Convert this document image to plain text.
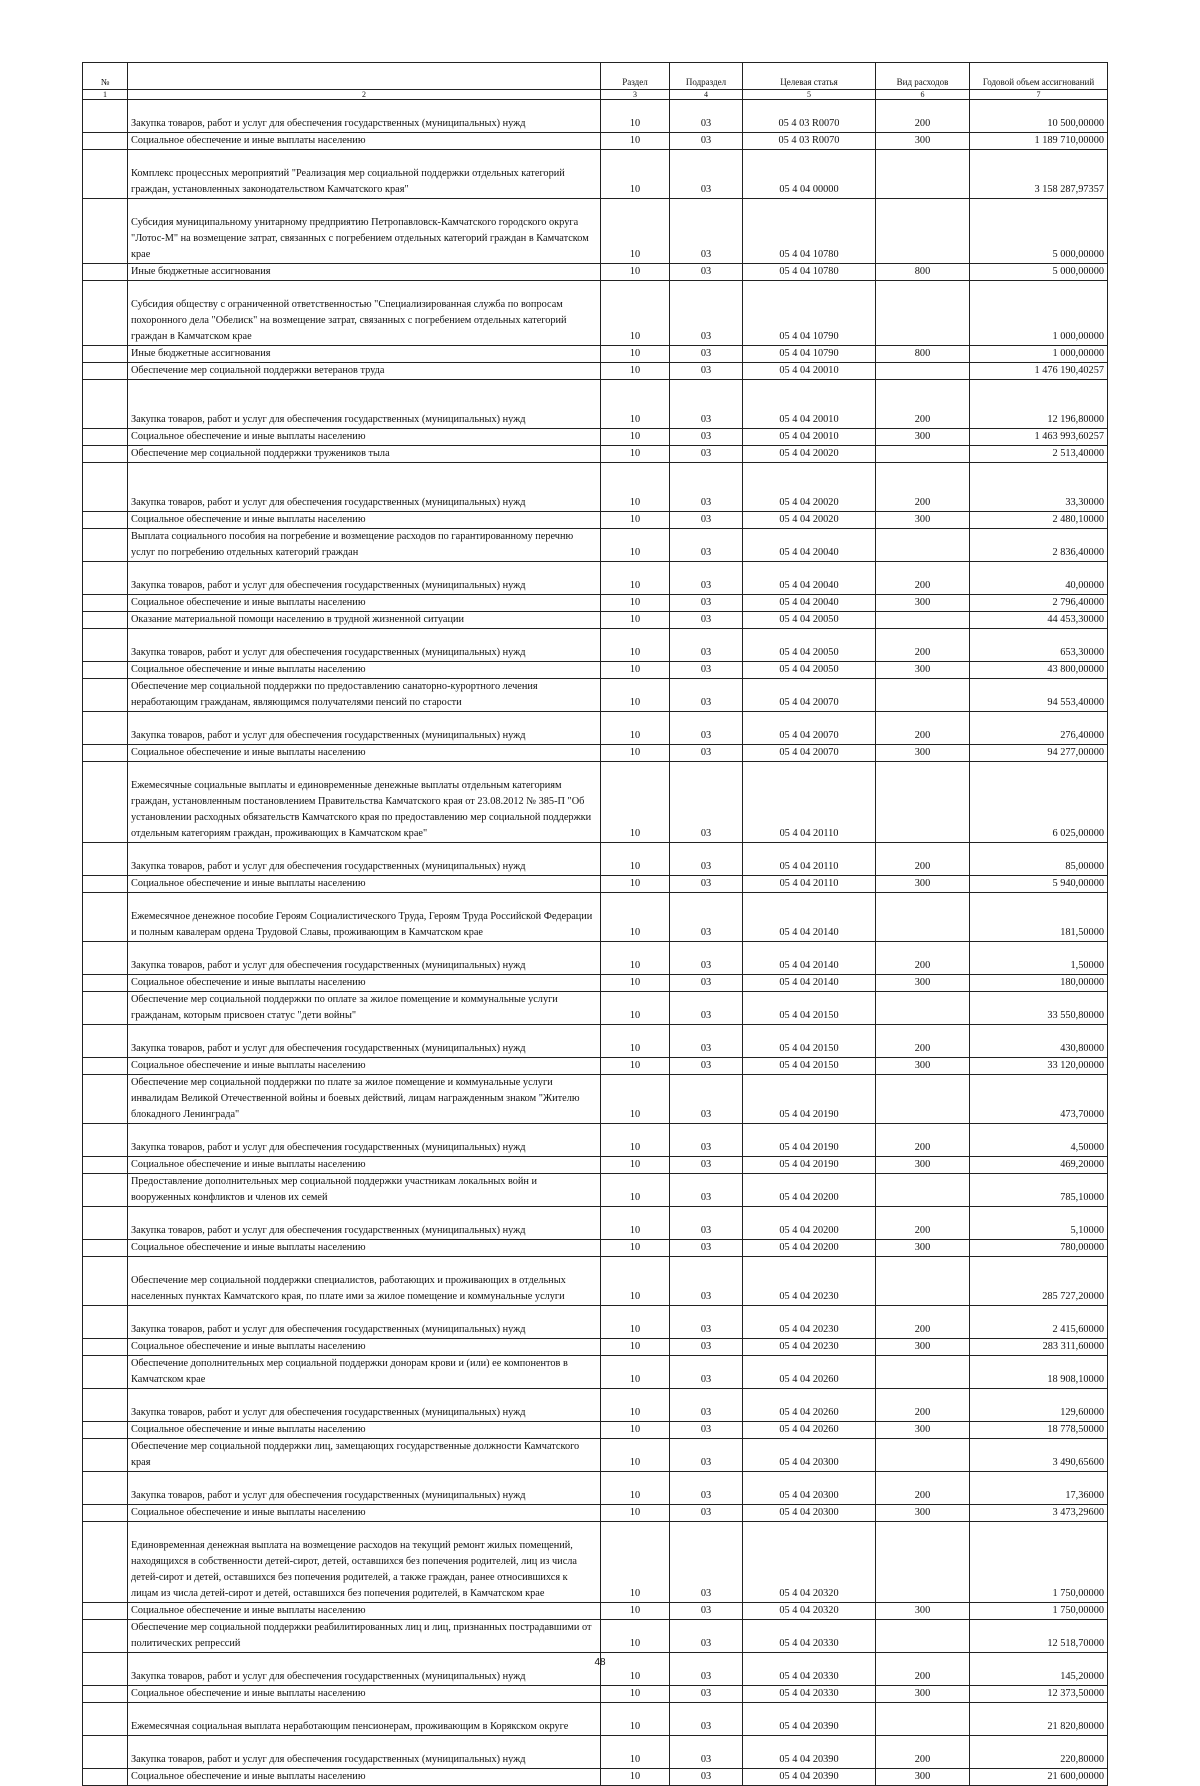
№		Раздел	Подраздел	Целевая статья	Вид расходов	Годовой объем ассигнований
1	2	3	4	5	6	7
	Закупка товаров, работ и услуг для обеспечения государственных (муниципальных) нужд	10	03	05 4 03 R0070	200	10 500,00000
	Социальное обеспечение и иные выплаты населению	10	03	05 4 03 R0070	300	1 189 710,00000
	Комплекс процессных мероприятий "Реализация мер социальной поддержки отдельных категорий граждан, установленных законодательством Камчатского края"	10	03	05 4 04 00000		3 158 287,97357
	Субсидия муниципальному унитарному предприятию Петропавловск-Камчатского городского округа "Лотос-М" на возмещение затрат, связанных с погребением отдельных категорий граждан в Камчатском крае	10	03	05 4 04 10780		5 000,00000
	Иные бюджетные ассигнования	10	03	05 4 04 10780	800	5 000,00000
	Субсидия обществу с ограниченной ответственностью "Специализированная служба по вопросам похоронного дела "Обелиск" на возмещение затрат, связанных с погребением отдельных категорий граждан в Камчатском крае	10	03	05 4 04 10790		1 000,00000
	Иные бюджетные ассигнования	10	03	05 4 04 10790	800	1 000,00000
	Обеспечение мер социальной поддержки ветеранов труда	10	03	05 4 04 20010		1 476 190,40257
	Закупка товаров, работ и услуг для обеспечения государственных (муниципальных) нужд	10	03	05 4 04 20010	200	12 196,80000
	Социальное обеспечение и иные выплаты населению	10	03	05 4 04 20010	300	1 463 993,60257
	Обеспечение мер социальной поддержки тружеников тыла	10	03	05 4 04 20020		2 513,40000
	Закупка товаров, работ и услуг для обеспечения государственных (муниципальных) нужд	10	03	05 4 04 20020	200	33,30000
	Социальное обеспечение и иные выплаты населению	10	03	05 4 04 20020	300	2 480,10000
	Выплата социального пособия на погребение и возмещение расходов по гарантированному перечню услуг по погребению отдельных категорий граждан	10	03	05 4 04 20040		2 836,40000
	Закупка товаров, работ и услуг для обеспечения государственных (муниципальных) нужд	10	03	05 4 04 20040	200	40,00000
	Социальное обеспечение и иные выплаты населению	10	03	05 4 04 20040	300	2 796,40000
	Оказание материальной помощи населению в трудной жизненной ситуации	10	03	05 4 04 20050		44 453,30000
	Закупка товаров, работ и услуг для обеспечения государственных (муниципальных) нужд	10	03	05 4 04 20050	200	653,30000
	Социальное обеспечение и иные выплаты населению	10	03	05 4 04 20050	300	43 800,00000
	Обеспечение мер социальной поддержки по предоставлению санаторно-курортного лечения неработающим гражданам, являющимся получателями пенсий по старости	10	03	05 4 04 20070		94 553,40000
	Закупка товаров, работ и услуг для обеспечения государственных (муниципальных) нужд	10	03	05 4 04 20070	200	276,40000
	Социальное обеспечение и иные выплаты населению	10	03	05 4 04 20070	300	94 277,00000
	Ежемесячные социальные выплаты и единовременные денежные выплаты отдельным категориям граждан, установленным постановлением Правительства Камчатского края от 23.08.2012 № 385-П "Об установлении расходных обязательств Камчатского края по предоставлению мер социальной поддержки отдельным категориям граждан, проживающих в Камчатском крае"	10	03	05 4 04 20110		6 025,00000
	Закупка товаров, работ и услуг для обеспечения государственных (муниципальных) нужд	10	03	05 4 04 20110	200	85,00000
	Социальное обеспечение и иные выплаты населению	10	03	05 4 04 20110	300	5 940,00000
	Ежемесячное денежное пособие Героям Социалистического Труда, Героям Труда Российской Федерации и полным кавалерам ордена Трудовой Славы, проживающим в Камчатском крае	10	03	05 4 04 20140		181,50000
	Закупка товаров, работ и услуг для обеспечения государственных (муниципальных) нужд	10	03	05 4 04 20140	200	1,50000
	Социальное обеспечение и иные выплаты населению	10	03	05 4 04 20140	300	180,00000
	Обеспечение мер социальной поддержки по оплате за жилое помещение и коммунальные услуги гражданам, которым присвоен статус "дети войны"	10	03	05 4 04 20150		33 550,80000
	Закупка товаров, работ и услуг для обеспечения государственных (муниципальных) нужд	10	03	05 4 04 20150	200	430,80000
	Социальное обеспечение и иные выплаты населению	10	03	05 4 04 20150	300	33 120,00000
	Обеспечение мер социальной поддержки по плате за жилое помещение и коммунальные услуги инвалидам Великой Отечественной войны и боевых действий, лицам награжденным знаком "Жителю блокадного Ленинграда"	10	03	05 4 04 20190		473,70000
	Закупка товаров, работ и услуг для обеспечения государственных (муниципальных) нужд	10	03	05 4 04 20190	200	4,50000
	Социальное обеспечение и иные выплаты населению	10	03	05 4 04 20190	300	469,20000
	Предоставление дополнительных мер социальной поддержки участникам локальных войн и вооруженных конфликтов и членов их семей	10	03	05 4 04 20200		785,10000
	Закупка товаров, работ и услуг для обеспечения государственных (муниципальных) нужд	10	03	05 4 04 20200	200	5,10000
	Социальное обеспечение и иные выплаты населению	10	03	05 4 04 20200	300	780,00000
	Обеспечение мер социальной поддержки специалистов, работающих и проживающих в отдельных населенных пунктах Камчатского края, по плате ими за жилое помещение и коммунальные услуги	10	03	05 4 04 20230		285 727,20000
	Закупка товаров, работ и услуг для обеспечения государственных (муниципальных) нужд	10	03	05 4 04 20230	200	2 415,60000
	Социальное обеспечение и иные выплаты населению	10	03	05 4 04 20230	300	283 311,60000
	Обеспечение дополнительных мер социальной поддержки донорам крови и (или) ее компонентов в Камчатском крае	10	03	05 4 04 20260		18 908,10000
	Закупка товаров, работ и услуг для обеспечения государственных (муниципальных) нужд	10	03	05 4 04 20260	200	129,60000
	Социальное обеспечение и иные выплаты населению	10	03	05 4 04 20260	300	18 778,50000
	Обеспечение мер социальной поддержки лиц, замещающих государственные должности Камчатского края	10	03	05 4 04 20300		3 490,65600
	Закупка товаров, работ и услуг для обеспечения государственных (муниципальных) нужд	10	03	05 4 04 20300	200	17,36000
	Социальное обеспечение и иные выплаты населению	10	03	05 4 04 20300	300	3 473,29600
	Единовременная денежная выплата на возмещение расходов на текущий ремонт жилых помещений, находящихся в собственности детей-сирот, детей, оставшихся без попечения родителей, лиц из числа детей-сирот и детей, оставшихся без попечения родителей, а также граждан, ранее относившихся к лицам из числа детей-сирот и детей, оставшихся без попечения родителей, в Камчатском крае	10	03	05 4 04 20320		1 750,00000
	Социальное обеспечение и иные выплаты населению	10	03	05 4 04 20320	300	1 750,00000
	Обеспечение мер социальной поддержки реабилитированных лиц и лиц, признанных пострадавшими от политических репрессий	10	03	05 4 04 20330		12 518,70000
	Закупка товаров, работ и услуг для обеспечения государственных (муниципальных) нужд	10	03	05 4 04 20330	200	145,20000
	Социальное обеспечение и иные выплаты населению	10	03	05 4 04 20330	300	12 373,50000
	Ежемесячная социальная выплата неработающим пенсионерам, проживающим в Корякском округе	10	03	05 4 04 20390		21 820,80000
	Закупка товаров, работ и услуг для обеспечения государственных (муниципальных) нужд	10	03	05 4 04 20390	200	220,80000
	Социальное обеспечение и иные выплаты населению	10	03	05 4 04 20390	300	21 600,00000
48
